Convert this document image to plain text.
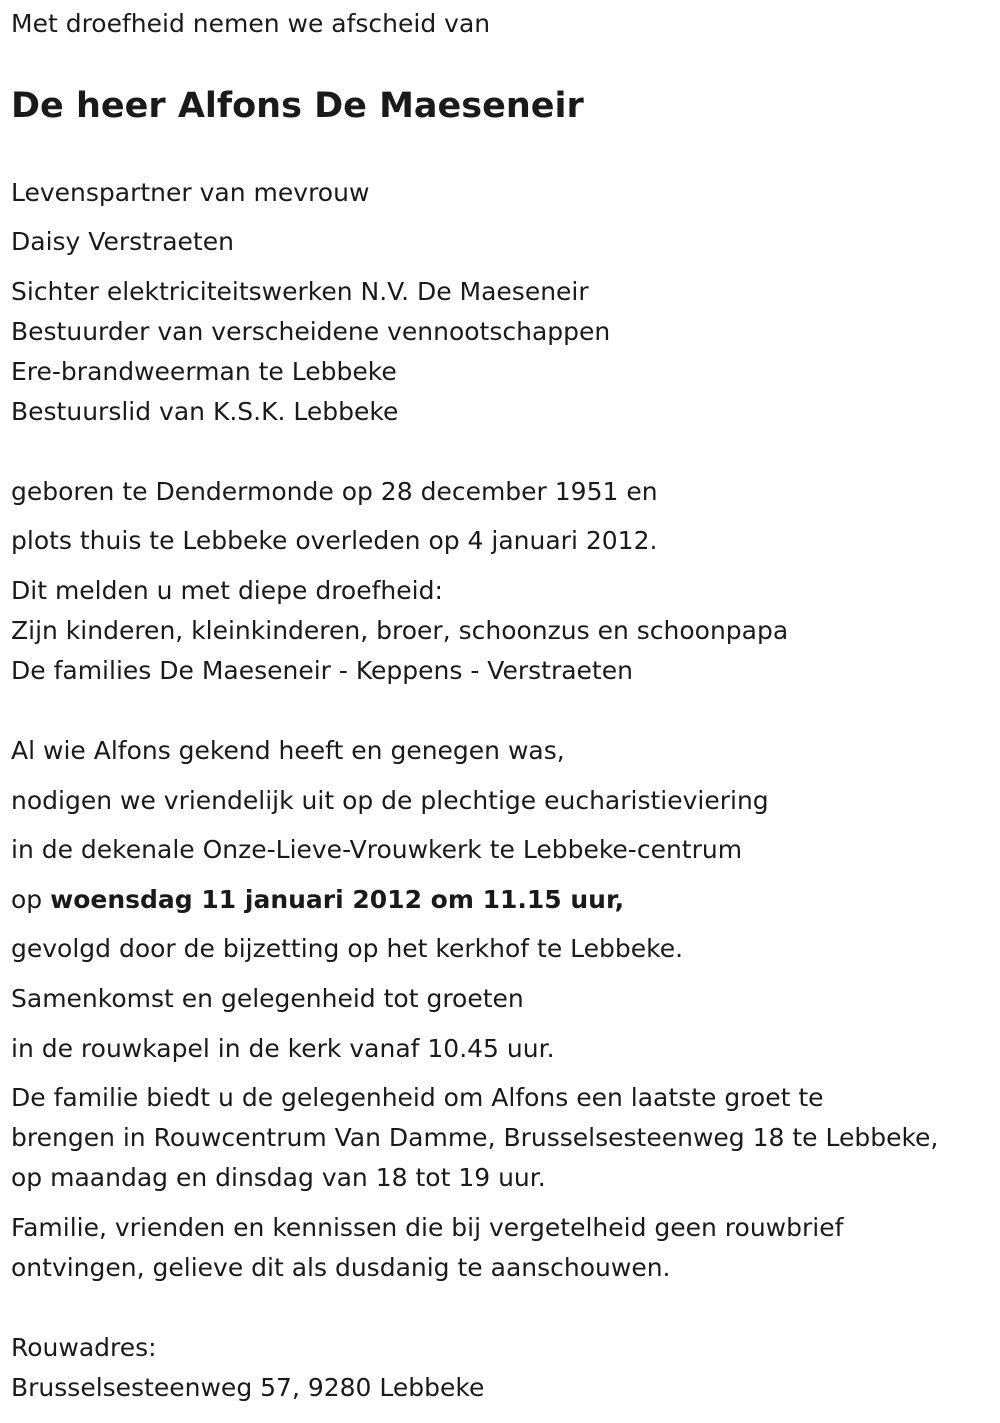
Met droefheid nemen we afscheid van

De heer Alfons De Maeseneir

Levenspartner van mevrouw

Daisy Verstraeten

Sichter elektriciteitswerken N.V. De Maeseneir

Bestuurder van verscheidene vennootschappen

Ere-brandweerman te Lebbeke

Bestuurslid van K.S.K. Lebbeke

geboren te Dendermonde op 28 december 1951 en

plots thuis te Lebbeke overleden op 4 januari 2012.

Dit melden u met diepe droefheid:

Zijn kinderen, kleinkinderen, broer, schoonzus en schoonpapa

De families De Maeseneir - Keppens - Verstraeten

Al wie Alfons gekend heeft en genegen was,

nodigen we vriendelijk uit op de plechtige eucharistieviering

in de dekenale Onze-Lieve-Vrouwkerk te Lebbeke-centrum

op woensdag 11 januari 2012 om 11.15 uur,

gevolgd door de bijzetting op het kerkhof te Lebbeke.

Samenkomst en gelegenheid tot groeten

in de rouwkapel in de kerk vanaf 10.45 uur.

De familie biedt u de gelegenheid om Alfons een laatste groet te

brengen in Rouwcentrum Van Damme, Brusselsesteenweg 18 te Lebbeke,

op maandag en dinsdag van 18 tot 19 uur.

Familie, vrienden en kennissen die bij vergetelheid geen rouwbrief

ontvingen, gelieve dit als dusdanig te aanschouwen.

Rouwadres:

Brusselsesteenweg 57, 9280 Lebbeke
